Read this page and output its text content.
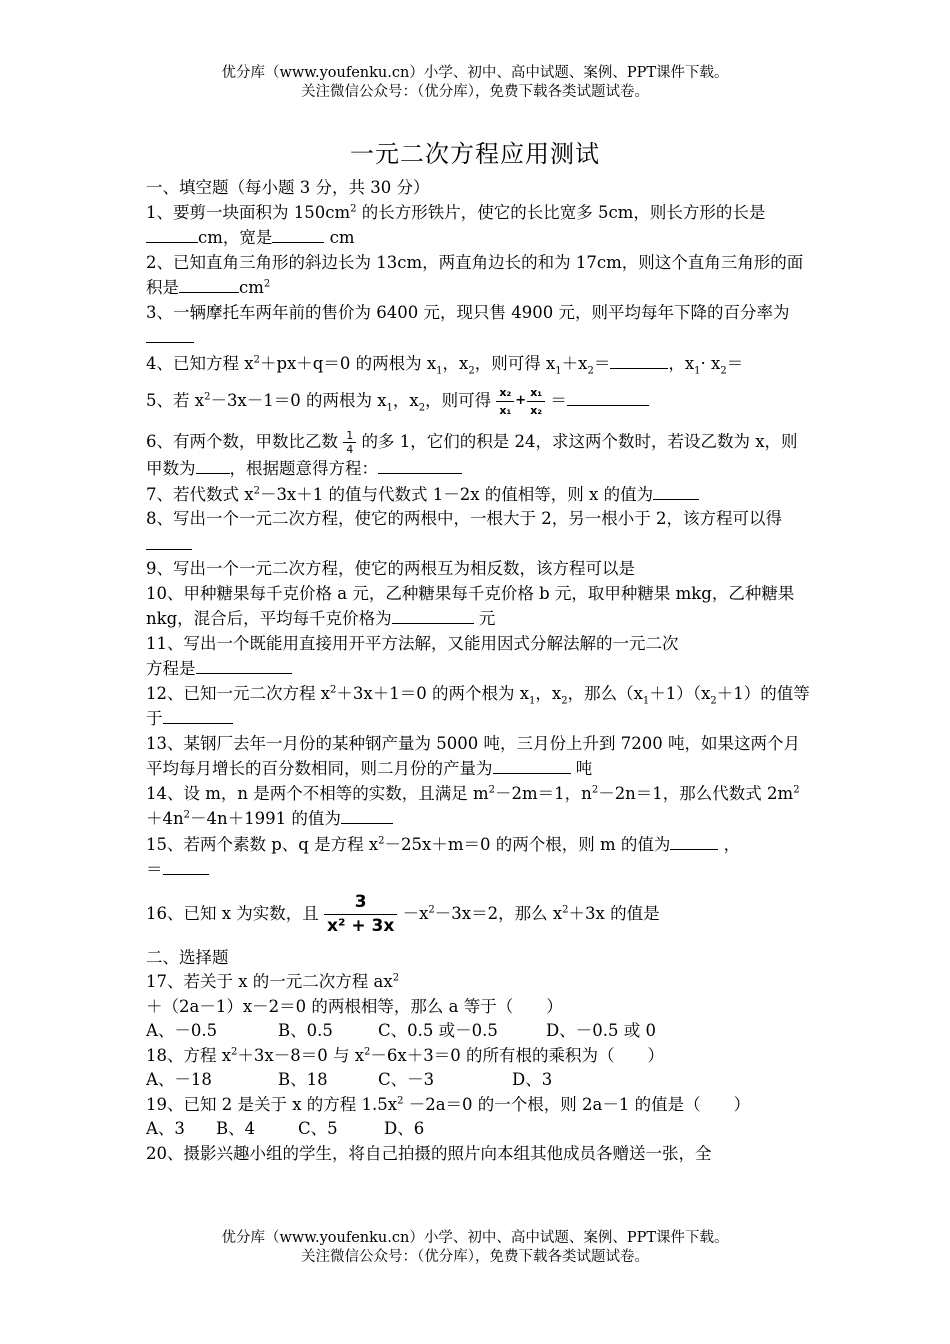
优分库（www.youfenku.cn）小学、初中、高中试题、案例、PPT课件下载。
关注微信公众号：（优分库），免费下载各类试题试卷。
一元二次方程应用测试

一、填空题（每小题 3 分，共 30 分）

1、要剪一块面积为 $150cm^2$ 的长方形铁片，使它的长比宽多 5cm，则长方形的长是cm，宽是	cm

2、已知直角三角形的斜边长为 13cm，两直角边长的和为 17cm，则这个直角三角形的面积是	$cm^2$

3、一辆摩托车两年前的售价为 6400 元，现只售 4900 元，则平均每年下降的百分率为

4、已知方程 $x^2+px+q=0$ 的两根为 $x_1$，$x_2$，则可得 $x_1+x_2=$	，$x_1\cdot x_2=$

5、若 $x^2-3x-1=0$ 的两根为 $x_1$，$x_2$，则可得 $\frac{\text{x₂}}{\text{x₁}} + \frac{\text{x₁}}{\text{x₂}}$ ＝

6、有两个数，甲数比乙数 $\frac{1}{4}$ 的多 1，它们的积是 24，求这两个数时，若设乙数为 x，则甲数为 ，根据题意得方程：

7、若代数式 $x^2-3x+1$ 的值与代数式 1－2x 的值相等，则 x 的值为

8、写出一个一元二次方程，使它的两根中，一根大于 2，另一根小于 2，该方程可以得

9、写出一个一元二次方程，使它的两根互为相反数，该方程可以是

10、甲种糖果每千克价格 a 元，乙种糖果每千克价格 b 元，取甲种糖果 mkg，乙种糖果 nkg，混合后，平均每千克价格为	元

11、写出一个既能用直接用开平方法解，又能用因式分解法解的一元二次
方程是

12、已知一元二次方程 $x^2+3x+1=0$ 的两个根为 $x_1$，$x_2$，那么$(x_1+1)(x_2+1)$的值等于

13、某钢厂去年一月份的某种钢产量为 5000 吨，三月份上升到 7200 吨，如果这两个月平均每月增长的百分数相同，则二月份的产量为	吨

14、设 m，n 是两个不相等的实数，且满足 $m^2-2m=1$，$n^2-2n=1$，那么代数式 $2m^2+4n^2-4n+1991$ 的值为

15、若两个素数 p、q 是方程 $x^2-25x+m=0$ 的两个根，则 m 的值为	，
＝

16、已知 x 为实数，且 $\frac{3}{\text{x² + 3x}} -x^2-3x=2$，那么 $x^2+3x$ 的值是

二、选择题

17、若关于 x 的一元二次方程 $ax^2+(2a-1)x-2=0$ 的两根相等，那么 a 等于（　　）

A、－0.5	B、0.5	C、0.5 或－0.5	D、－0.5 或 0

18、方程 $x^2+3x-8=0$ 与 $x^2-6x+3=0$ 的所有根的乘积为（　　）

A、－18	B、18	C、－3	D、3

19、已知 2 是关于 x 的方程 $1.5x^2 -2a=0$ 的一个根，则 2a－1 的值是（　　）

A、3 B、4	C、5	D、6

20、摄影兴趣小组的学生，将自己拍摄的照片向本组其他成员各赠送一张，全

优分库（www.youfenku.cn）小学、初中、高中试题、案例、PPT课件下载。
关注微信公众号：（优分库），免费下载各类试题试卷。
